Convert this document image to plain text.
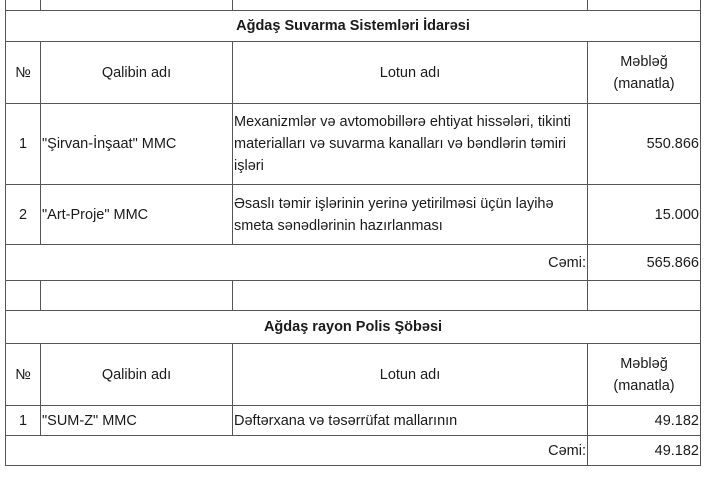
Ağdaş Suvarma Sistemləri İdarəsi			
№	Qalibin adı	Lotun adı	Məbləğ
(manatla)

1	"Şirvan-İnşaat" MMC	Mexanizmlər və avtomobillərə ehtiyat hissələri, tikinti materialları və suvarma kanalları və bəndlərin təmiri işləri	550.866
2	"Art-Proje" MMC	Əsaslı təmir işlərinin yerinə yetirilməsi üçün layihə smeta sənədlərinin hazırlanması	15.000
Cəmi:			565.866

Ağdaş rayon Polis Şöbəsi			
№	Qalibin adı	Lotun adı	Məbləğ
(manatla)

1	"SUM-Z" MMC	Dəftərxana və təsərrüfat mallarının	49.182
Cəmi:			49.182
